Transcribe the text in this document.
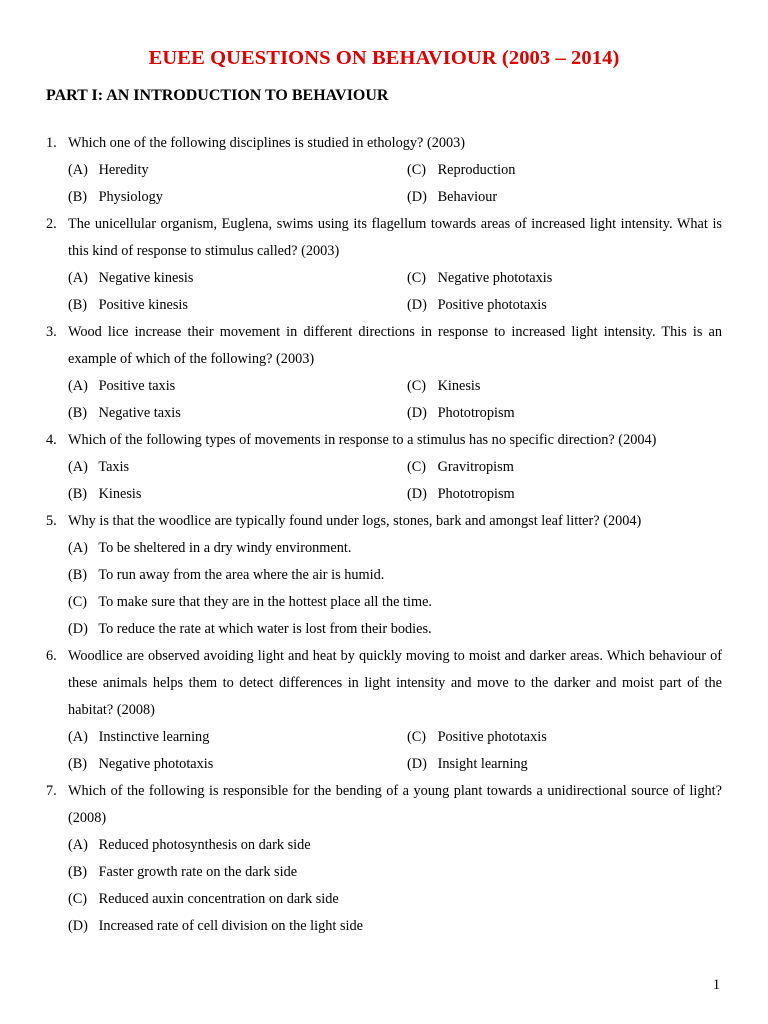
EUEE QUESTIONS ON BEHAVIOUR (2003 – 2014)
PART I: AN INTRODUCTION TO BEHAVIOUR
1. Which one of the following disciplines is studied in ethology? (2003)
(A) Heredity	(C) Reproduction
(B) Physiology	(D) Behaviour
2. The unicellular organism, Euglena, swims using its flagellum towards areas of increased light intensity. What is this kind of response to stimulus called? (2003)
(A) Negative kinesis	(C) Negative phototaxis
(B) Positive kinesis	(D) Positive phototaxis
3. Wood lice increase their movement in different directions in response to increased light intensity. This is an example of which of the following? (2003)
(A) Positive taxis	(C) Kinesis
(B) Negative taxis	(D) Phototropism
4. Which of the following types of movements in response to a stimulus has no specific direction? (2004)
(A) Taxis	(C) Gravitropism
(B) Kinesis	(D) Phototropism
5. Why is that the woodlice are typically found under logs, stones, bark and amongst leaf litter? (2004)
(A) To be sheltered in a dry windy environment.
(B) To run away from the area where the air is humid.
(C) To make sure that they are in the hottest place all the time.
(D) To reduce the rate at which water is lost from their bodies.
6. Woodlice are observed avoiding light and heat by quickly moving to moist and darker areas. Which behaviour of these animals helps them to detect differences in light intensity and move to the darker and moist part of the habitat? (2008)
(A) Instinctive learning	(C) Positive phototaxis
(B) Negative phototaxis	(D) Insight learning
7. Which of the following is responsible for the bending of a young plant towards a unidirectional source of light? (2008)
(A) Reduced photosynthesis on dark side
(B) Faster growth rate on the dark side
(C) Reduced auxin concentration on dark side
(D) Increased rate of cell division on the light side
1
